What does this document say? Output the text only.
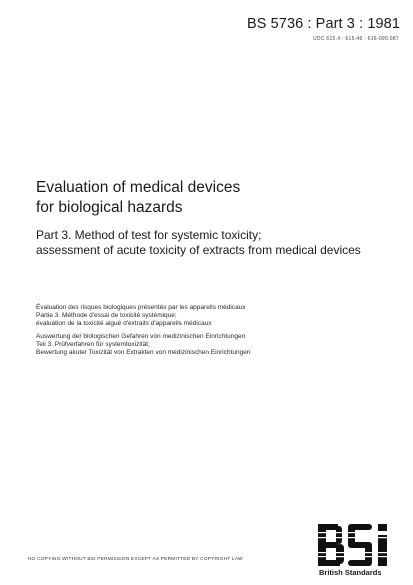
BS 5736 : Part 3 : 1981
UDC 615.4 : 615.46 : 616-099.087
Evaluation of medical devices
for biological hazards
Part 3. Method of test for systemic toxicity;
assessment of acute toxicity of extracts from medical devices
Évaluation des risques biologiques présentés par les appareils médicaux
Partie 3. Méthode d'essai de toxicité systémique;
évaluation de la toxicité aiguë d'extraits d'appareils médicaux
Auswertung der biologischen Gefahren von medizinischen Einrichtungen
Teil 3. Prüfverfahren für systemtoxizität;
Bewertung akuter Toxizität von Extrakten von medizinischen Einrichtungen
NO COPYING WITHOUT BSI PERMISSION EXCEPT AS PERMITTED BY COPYRIGHT LAW
British Standards
